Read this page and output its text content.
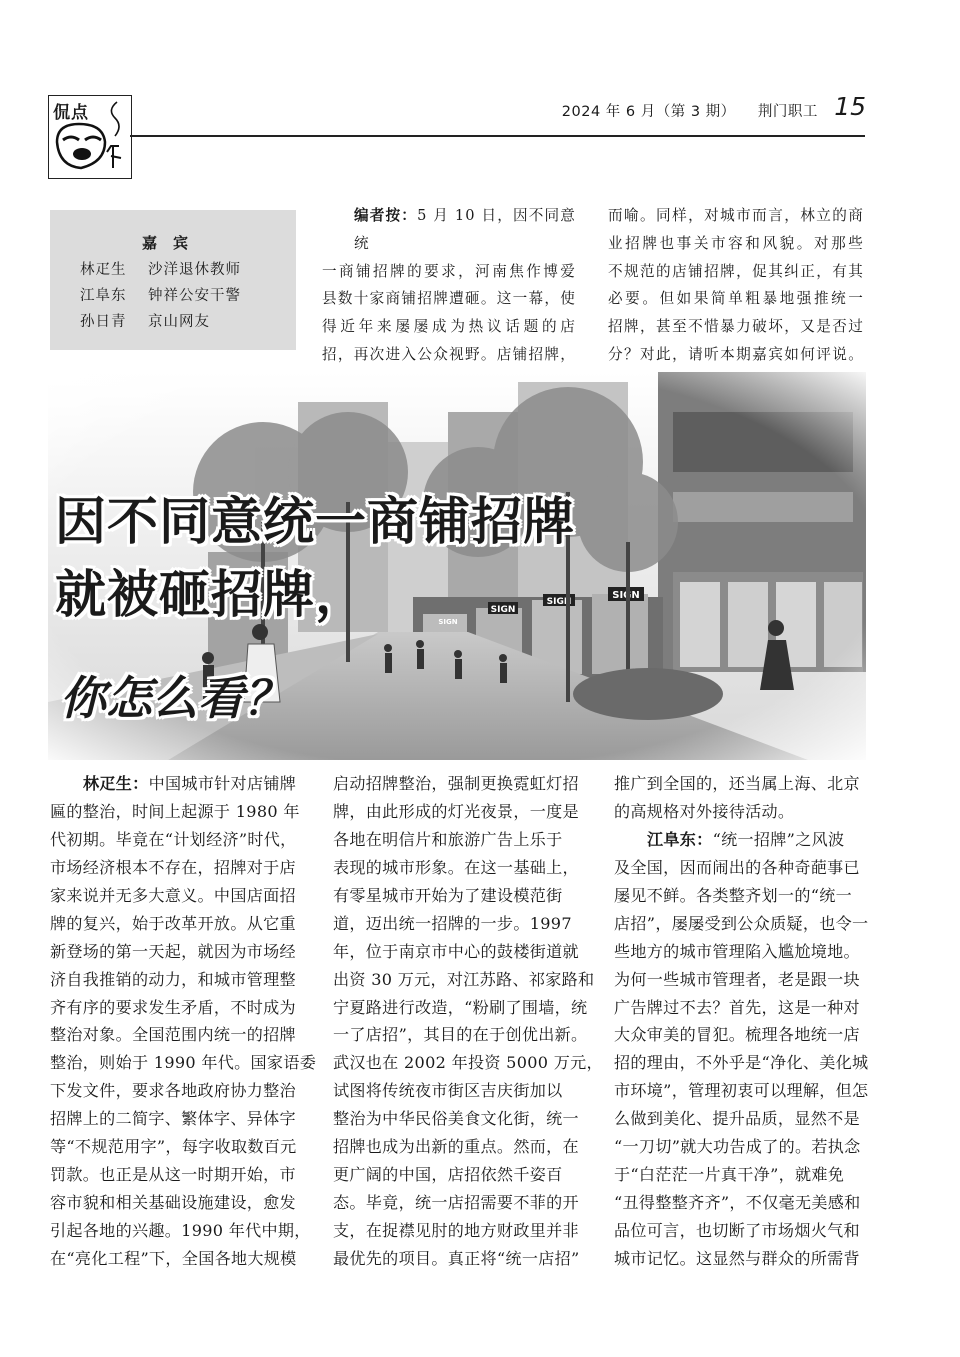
侃点	2024 年 6 月（第 3 期） 荆门职工 15
嘉宾
林疋生 沙洋退休教师
江阜东 钟祥公安干警
孙日青 京山网友
编者按：5 月 10 日，因不同意统
一商铺招牌的要求，河南焦作博爱
县数十家商铺招牌遭砸。这一幕，使
得近年来屡屡成为热议话题的店
招，再次进入公众视野。店铺招牌，
而喻。同样，对城市而言，林立的商
业招牌也事关市容和风貌。对那些
不规范的店铺招牌，促其纠正，有其
必要。但如果简单粗暴地强推统一
招牌，甚至不惜暴力破坏，又是否过
分？对此，请听本期嘉宾如何评说。
因不同意统一商铺招牌
就被砸招牌，
你怎么看？
林疋生：中国城市针对店铺牌
匾的整治，时间上起源于 1980 年
代初期。毕竟在“计划经济”时代，
市场经济根本不存在，招牌对于店
家来说并无多大意义。中国店面招
牌的复兴，始于改革开放。从它重
新登场的第一天起，就因为市场经
济自我推销的动力，和城市管理整
齐有序的要求发生矛盾，不时成为
整治对象。全国范围内统一的招牌
整治，则始于 1990 年代。国家语委
下发文件，要求各地政府协力整治
招牌上的二简字、繁体字、异体字
等“不规范用字”，每字收取数百元
罚款。也正是从这一时期开始，市
容市貌和相关基础设施建设，愈发
引起各地的兴趣。1990 年代中期，
在“亮化工程”下，全国各地大规模
启动招牌整治，强制更换霓虹灯招
牌，由此形成的灯光夜景，一度是
各地在明信片和旅游广告上乐于
表现的城市形象。在这一基础上，
有零星城市开始为了建设模范街
道，迈出统一招牌的一步。1997
年，位于南京市中心的鼓楼街道就
出资 30 万元，对江苏路、祁家路和
宁夏路进行改造，“粉刷了围墙，统
一了店招”，其目的在于创优出新。
武汉也在 2002 年投资 5000 万元，
试图将传统夜市街区吉庆街加以
整治为中华民俗美食文化街，统一
招牌也成为出新的重点。然而，在
更广阔的中国，店招依然千姿百
态。毕竟，统一店招需要不菲的开
支，在捉襟见肘的地方财政里并非
最优先的项目。真正将“统一店招”
推广到全国的，还当属上海、北京
的高规格对外接待活动。
江阜东：“统一招牌”之风波
及全国，因而闹出的各种奇葩事已
屡见不鲜。各类整齐划一的“统一
店招”，屡屡受到公众质疑，也令一
些地方的城市管理陷入尴尬境地。
为何一些城市管理者，老是跟一块
广告牌过不去？首先，这是一种对
大众审美的冒犯。梳理各地统一店
招的理由，不外乎是“净化、美化城
市环境”，管理初衷可以理解，但怎
么做到美化、提升品质，显然不是
“一刀切”就大功告成了的。若执念
于“白茫茫一片真干净”，就难免
“丑得整整齐齐”，不仅毫无美感和
品位可言，也切断了市场烟火气和
城市记忆。这显然与群众的所需背
